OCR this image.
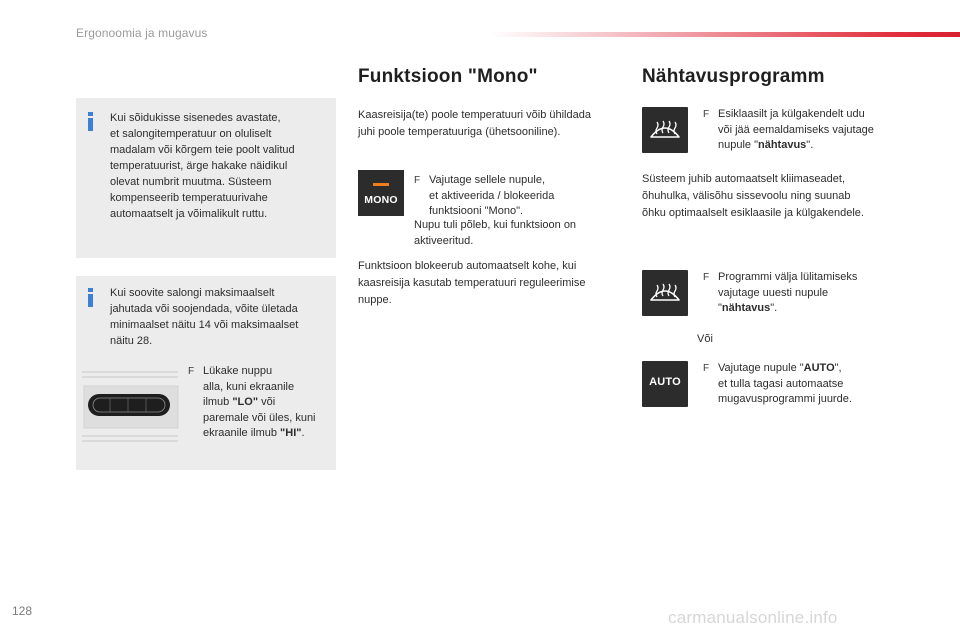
Ergonoomia ja mugavus
Kui sõidukisse sisenedes avastate,
et salongitemperatuur on oluliselt
madalam või kõrgem teie poolt valitud
temperatuurist, ärge hakake näidikul
olevat numbrit muutma. Süsteem
kompenseerib temperatuurivahe
automaatselt ja võimalikult ruttu.
Kui soovite salongi maksimaalselt
jahutada või soojendada, võite ületada
minimaalset näitu 14 või maksimaalset
näitu 28.
F Lükake nuppu
alla, kuni ekraanile
ilmub "LO" või
paremale või üles, kuni
ekraanile ilmub "HI".
Funktsioon "Mono"
Kaasreisija(te) poole temperatuuri võib ühildada
juhi poole temperatuuriga (ühetsooniline).
MONO
F Vajutage sellele nupule,
et aktiveerida / blokeerida
funktsiooni "Mono".
Nupu tuli põleb, kui funktsioon on
aktiveeritud.
Funktsioon blokeerub automaatselt kohe, kui
kaasreisija kasutab temperatuuri reguleerimise
nuppe.
Nähtavusprogramm
F Esiklaasilt ja külgakendelt udu
või jää eemaldamiseks vajutage
nupule "nähtavus".
Süsteem juhib automaatselt kliimaseadet,
õhuhulka, välisõhu sissevoolu ning suunab
õhku optimaalselt esiklaasile ja külgakendele.
F Programmi välja lülitamiseks
vajutage uuesti nupule
"nähtavus".
Või
AUTO
F Vajutage nupule "AUTO",
et tulla tagasi automaatse
mugavusprogrammi juurde.
128	carmanualsonline.info
